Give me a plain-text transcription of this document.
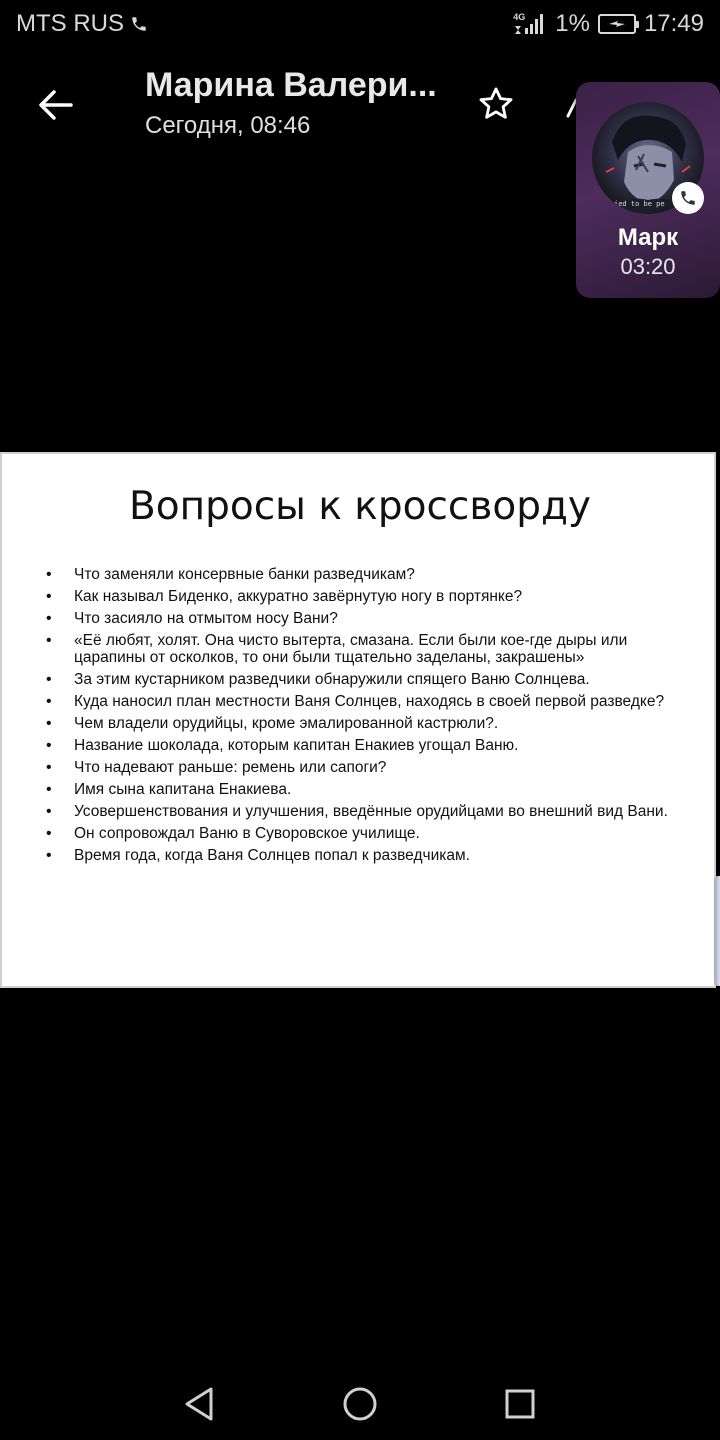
MTS RUS	4G 1% 17:49
Марина Валери...
Сегодня, 08:46
ied to be pe
Марк
03:20
Вопросы к кроссворду
• Что заменяли консервные банки разведчикам?
• Как называл Биденко, аккуратно завёрнутую ногу в портянке?
• Что засияло на отмытом носу Вани?
• «Её любят, холят. Она чисто вытерта, смазана. Если были кое-где дыры или царапины от осколков, то они были тщательно заделаны, закрашены»
• За этим кустарником разведчики обнаружили спящего Ваню Солнцева.
• Куда наносил план местности Ваня Солнцев, находясь в своей первой разведке?
• Чем владели орудийцы, кроме эмалированной кастрюли?.
• Название шоколада, которым капитан Енакиев угощал Ваню.
• Что надевают раньше: ремень или сапоги?
• Имя сына капитана Енакиева.
• Усовершенствования и улучшения, введённые орудийцами во внешний вид Вани.
• Он сопровождал Ваню в Суворовское училище.
• Время года, когда Ваня Солнцев попал к разведчикам.
